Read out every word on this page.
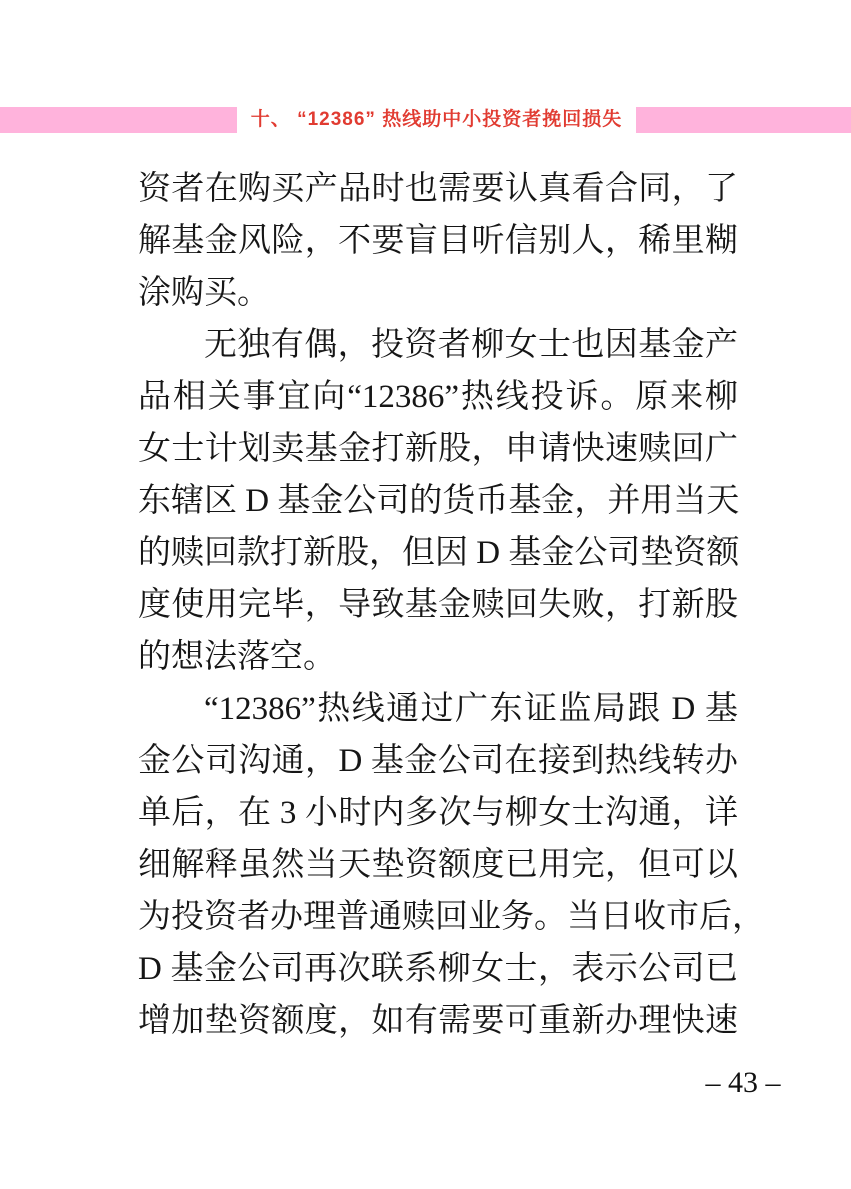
十、 “12386” 热线助中小投资者挽回损失
资者在购买产品时也需要认真看合同，了
解基金风险，不要盲目听信别人，稀里糊
涂购买。
无独有偶，投资者柳女士也因基金产
品相关事宜向“12386”热线投诉。原来柳
女士计划卖基金打新股，申请快速赎回广
东辖区 D 基金公司的货币基金，并用当天
的赎回款打新股，但因 D 基金公司垫资额
度使用完毕，导致基金赎回失败，打新股
的想法落空。
“12386”热线通过广东证监局跟 D 基
金公司沟通，D 基金公司在接到热线转办
单后，在 3 小时内多次与柳女士沟通，详
细解释虽然当天垫资额度已用完，但可以
为投资者办理普通赎回业务。当日收市后，
D 基金公司再次联系柳女士，表示公司已
增加垫资额度，如有需要可重新办理快速
– 43 –
